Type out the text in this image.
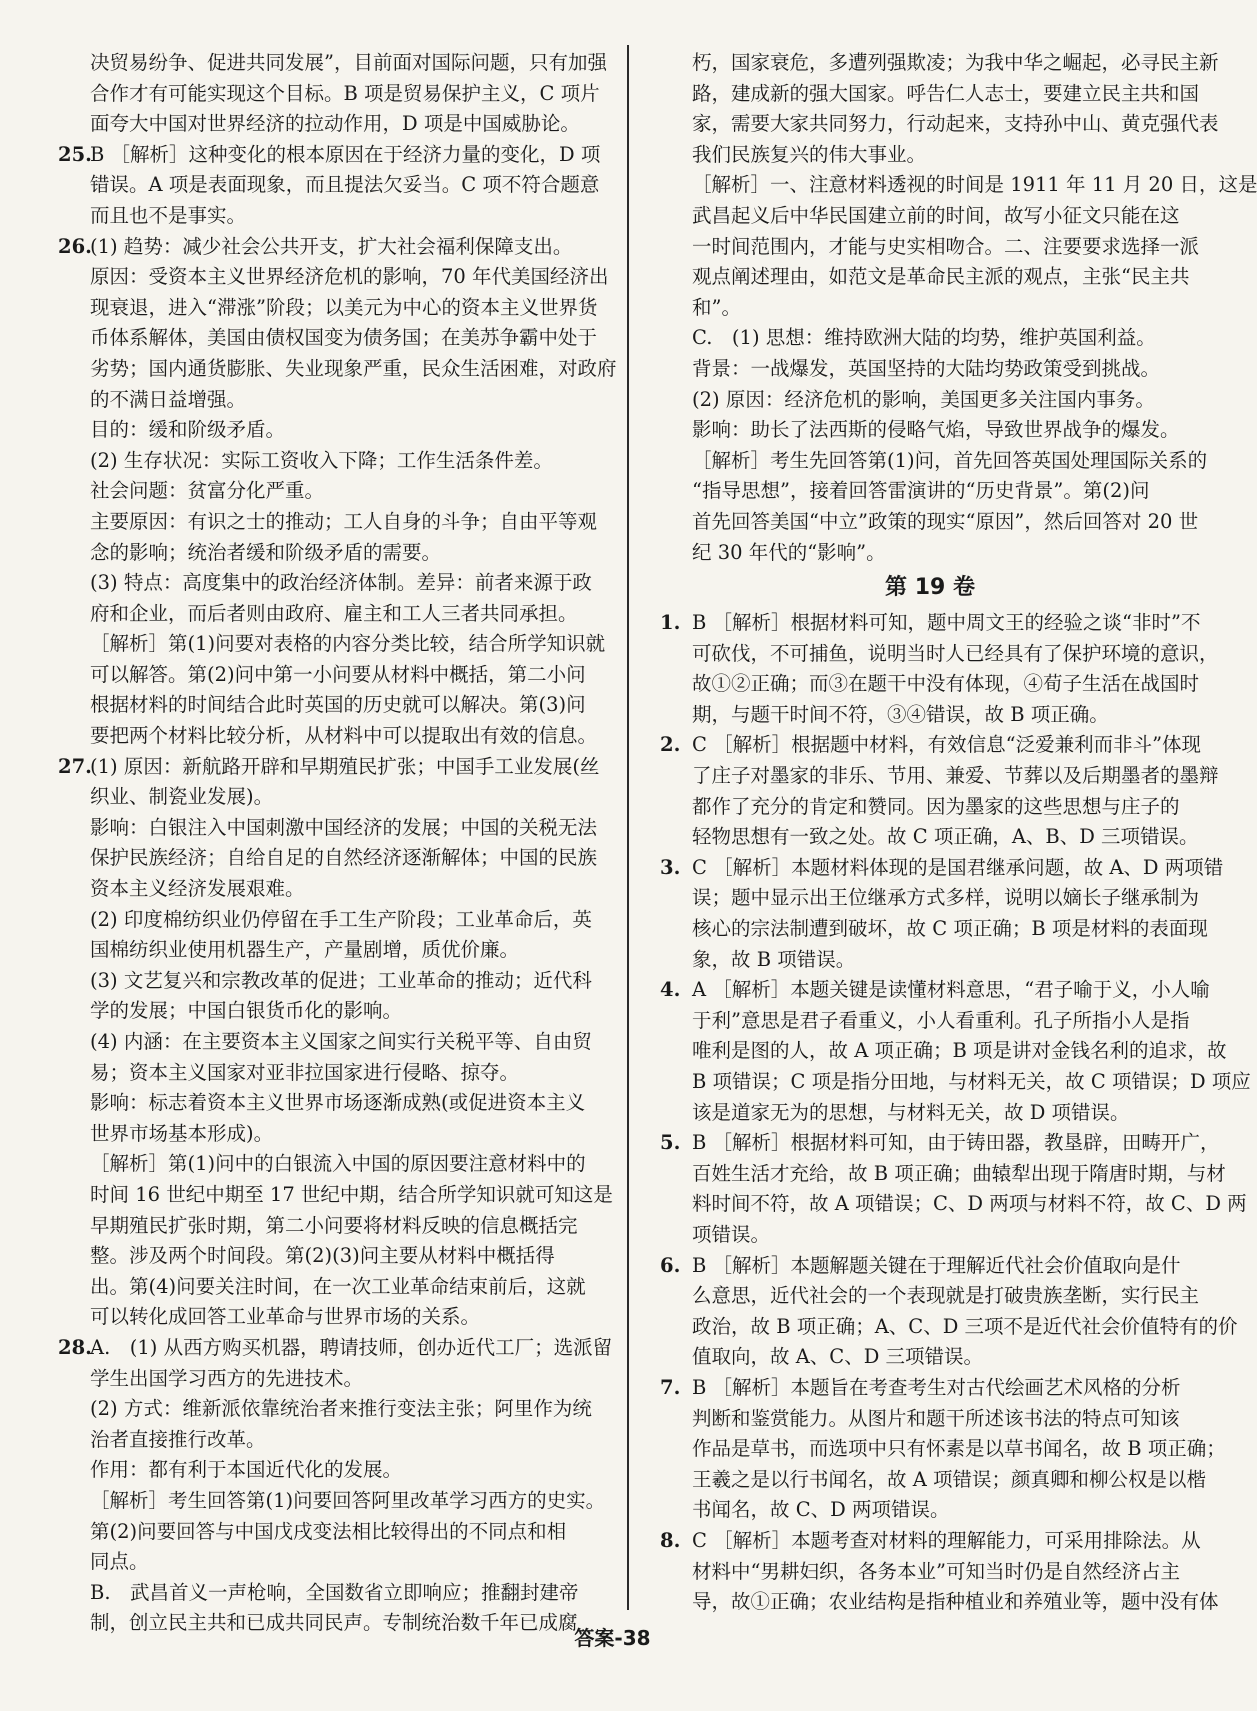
决贸易纷争、促进共同发展”，目前面对国际问题，只有加强
合作才有可能实现这个目标。B 项是贸易保护主义，C 项片
面夸大中国对世界经济的拉动作用，D 项是中国威胁论。
25.B ［解析］这种变化的根本原因在于经济力量的变化，D 项
错误。A 项是表面现象，而且提法欠妥当。C 项不符合题意
而且也不是事实。
26.(1) 趋势：减少社会公共开支，扩大社会福利保障支出。
原因：受资本主义世界经济危机的影响，70 年代美国经济出
现衰退，进入“滞涨”阶段；以美元为中心的资本主义世界货
币体系解体，美国由债权国变为债务国；在美苏争霸中处于
劣势；国内通货膨胀、失业现象严重，民众生活困难，对政府
的不满日益增强。
目的：缓和阶级矛盾。
(2) 生存状况：实际工资收入下降；工作生活条件差。
社会问题：贫富分化严重。
主要原因：有识之士的推动；工人自身的斗争；自由平等观
念的影响；统治者缓和阶级矛盾的需要。
(3) 特点：高度集中的政治经济体制。差异：前者来源于政
府和企业，而后者则由政府、雇主和工人三者共同承担。
［解析］第(1)问要对表格的内容分类比较，结合所学知识就
可以解答。第(2)问中第一小问要从材料中概括，第二小问
根据材料的时间结合此时英国的历史就可以解决。第(3)问
要把两个材料比较分析，从材料中可以提取出有效的信息。
27.(1) 原因：新航路开辟和早期殖民扩张；中国手工业发展(丝
织业、制瓷业发展)。
影响：白银注入中国刺激中国经济的发展；中国的关税无法
保护民族经济；自给自足的自然经济逐渐解体；中国的民族
资本主义经济发展艰难。
(2) 印度棉纺织业仍停留在手工生产阶段；工业革命后，英
国棉纺织业使用机器生产，产量剧增，质优价廉。
(3) 文艺复兴和宗教改革的促进；工业革命的推动；近代科
学的发展；中国白银货币化的影响。
(4) 内涵：在主要资本主义国家之间实行关税平等、自由贸
易；资本主义国家对亚非拉国家进行侵略、掠夺。
影响：标志着资本主义世界市场逐渐成熟(或促进资本主义
世界市场基本形成)。
［解析］第(1)问中的白银流入中国的原因要注意材料中的
时间 16 世纪中期至 17 世纪中期，结合所学知识就可知这是
早期殖民扩张时期，第二小问要将材料反映的信息概括完
整。涉及两个时间段。第(2)(3)问主要从材料中概括得
出。第(4)问要关注时间，在一次工业革命结束前后，这就
可以转化成回答工业革命与世界市场的关系。
28.A.　(1) 从西方购买机器，聘请技师，创办近代工厂；选派留
学生出国学习西方的先进技术。
(2) 方式：维新派依靠统治者来推行变法主张；阿里作为统
治者直接推行改革。
作用：都有利于本国近代化的发展。
［解析］考生回答第(1)问要回答阿里改革学习西方的史实。
第(2)问要回答与中国戊戌变法相比较得出的不同点和相
同点。
B.　武昌首义一声枪响，全国数省立即响应；推翻封建帝
制，创立民主共和已成共同民声。专制统治数千年已成腐
朽，国家衰危，多遭列强欺凌；为我中华之崛起，必寻民主新
路，建成新的强大国家。呼告仁人志士，要建立民主共和国
家，需要大家共同努力，行动起来，支持孙中山、黄克强代表
我们民族复兴的伟大事业。
［解析］一、注意材料透视的时间是 1911 年 11 月 20 日，这是
武昌起义后中华民国建立前的时间，故写小征文只能在这
一时间范围内，才能与史实相吻合。二、注要要求选择一派
观点阐述理由，如范文是革命民主派的观点，主张“民主共
和”。
C.　(1) 思想：维持欧洲大陆的均势，维护英国利益。
背景：一战爆发，英国坚持的大陆均势政策受到挑战。
(2) 原因：经济危机的影响，美国更多关注国内事务。
影响：助长了法西斯的侵略气焰，导致世界战争的爆发。
［解析］考生先回答第(1)问，首先回答英国处理国际关系的
“指导思想”，接着回答雷演讲的“历史背景”。第(2)问
首先回答美国“中立”政策的现实“原因”，然后回答对 20 世
纪 30 年代的“影响”。
第 19 卷
1. B ［解析］根据材料可知，题中周文王的经验之谈“非时”不
可砍伐，不可捕鱼，说明当时人已经具有了保护环境的意识，
故①②正确；而③在题干中没有体现，④荀子生活在战国时
期，与题干时间不符，③④错误，故 B 项正确。
2. C ［解析］根据题中材料，有效信息“泛爱兼利而非斗”体现
了庄子对墨家的非乐、节用、兼爱、节葬以及后期墨者的墨辩
都作了充分的肯定和赞同。因为墨家的这些思想与庄子的
轻物思想有一致之处。故 C 项正确，A、B、D 三项错误。
3. C ［解析］本题材料体现的是国君继承问题，故 A、D 两项错
误；题中显示出王位继承方式多样，说明以嫡长子继承制为
核心的宗法制遭到破坏，故 C 项正确；B 项是材料的表面现
象，故 B 项错误。
4. A ［解析］本题关键是读懂材料意思，“君子喻于义，小人喻
于利”意思是君子看重义，小人看重利。孔子所指小人是指
唯利是图的人，故 A 项正确；B 项是讲对金钱名利的追求，故
B 项错误；C 项是指分田地，与材料无关，故 C 项错误；D 项应
该是道家无为的思想，与材料无关，故 D 项错误。
5. B ［解析］根据材料可知，由于铸田器，教垦辟，田畴开广，
百姓生活才充给，故 B 项正确；曲辕犁出现于隋唐时期，与材
料时间不符，故 A 项错误；C、D 两项与材料不符，故 C、D 两
项错误。
6. B ［解析］本题解题关键在于理解近代社会价值取向是什
么意思，近代社会的一个表现就是打破贵族垄断，实行民主
政治，故 B 项正确；A、C、D 三项不是近代社会价值特有的价
值取向，故 A、C、D 三项错误。
7. B ［解析］本题旨在考查考生对古代绘画艺术风格的分析
判断和鉴赏能力。从图片和题干所述该书法的特点可知该
作品是草书，而选项中只有怀素是以草书闻名，故 B 项正确；
王羲之是以行书闻名，故 A 项错误；颜真卿和柳公权是以楷
书闻名，故 C、D 两项错误。
8. C ［解析］本题考查对材料的理解能力，可采用排除法。从
材料中“男耕妇织，各务本业”可知当时仍是自然经济占主
导，故①正确；农业结构是指种植业和养殖业等，题中没有体
答案-38
